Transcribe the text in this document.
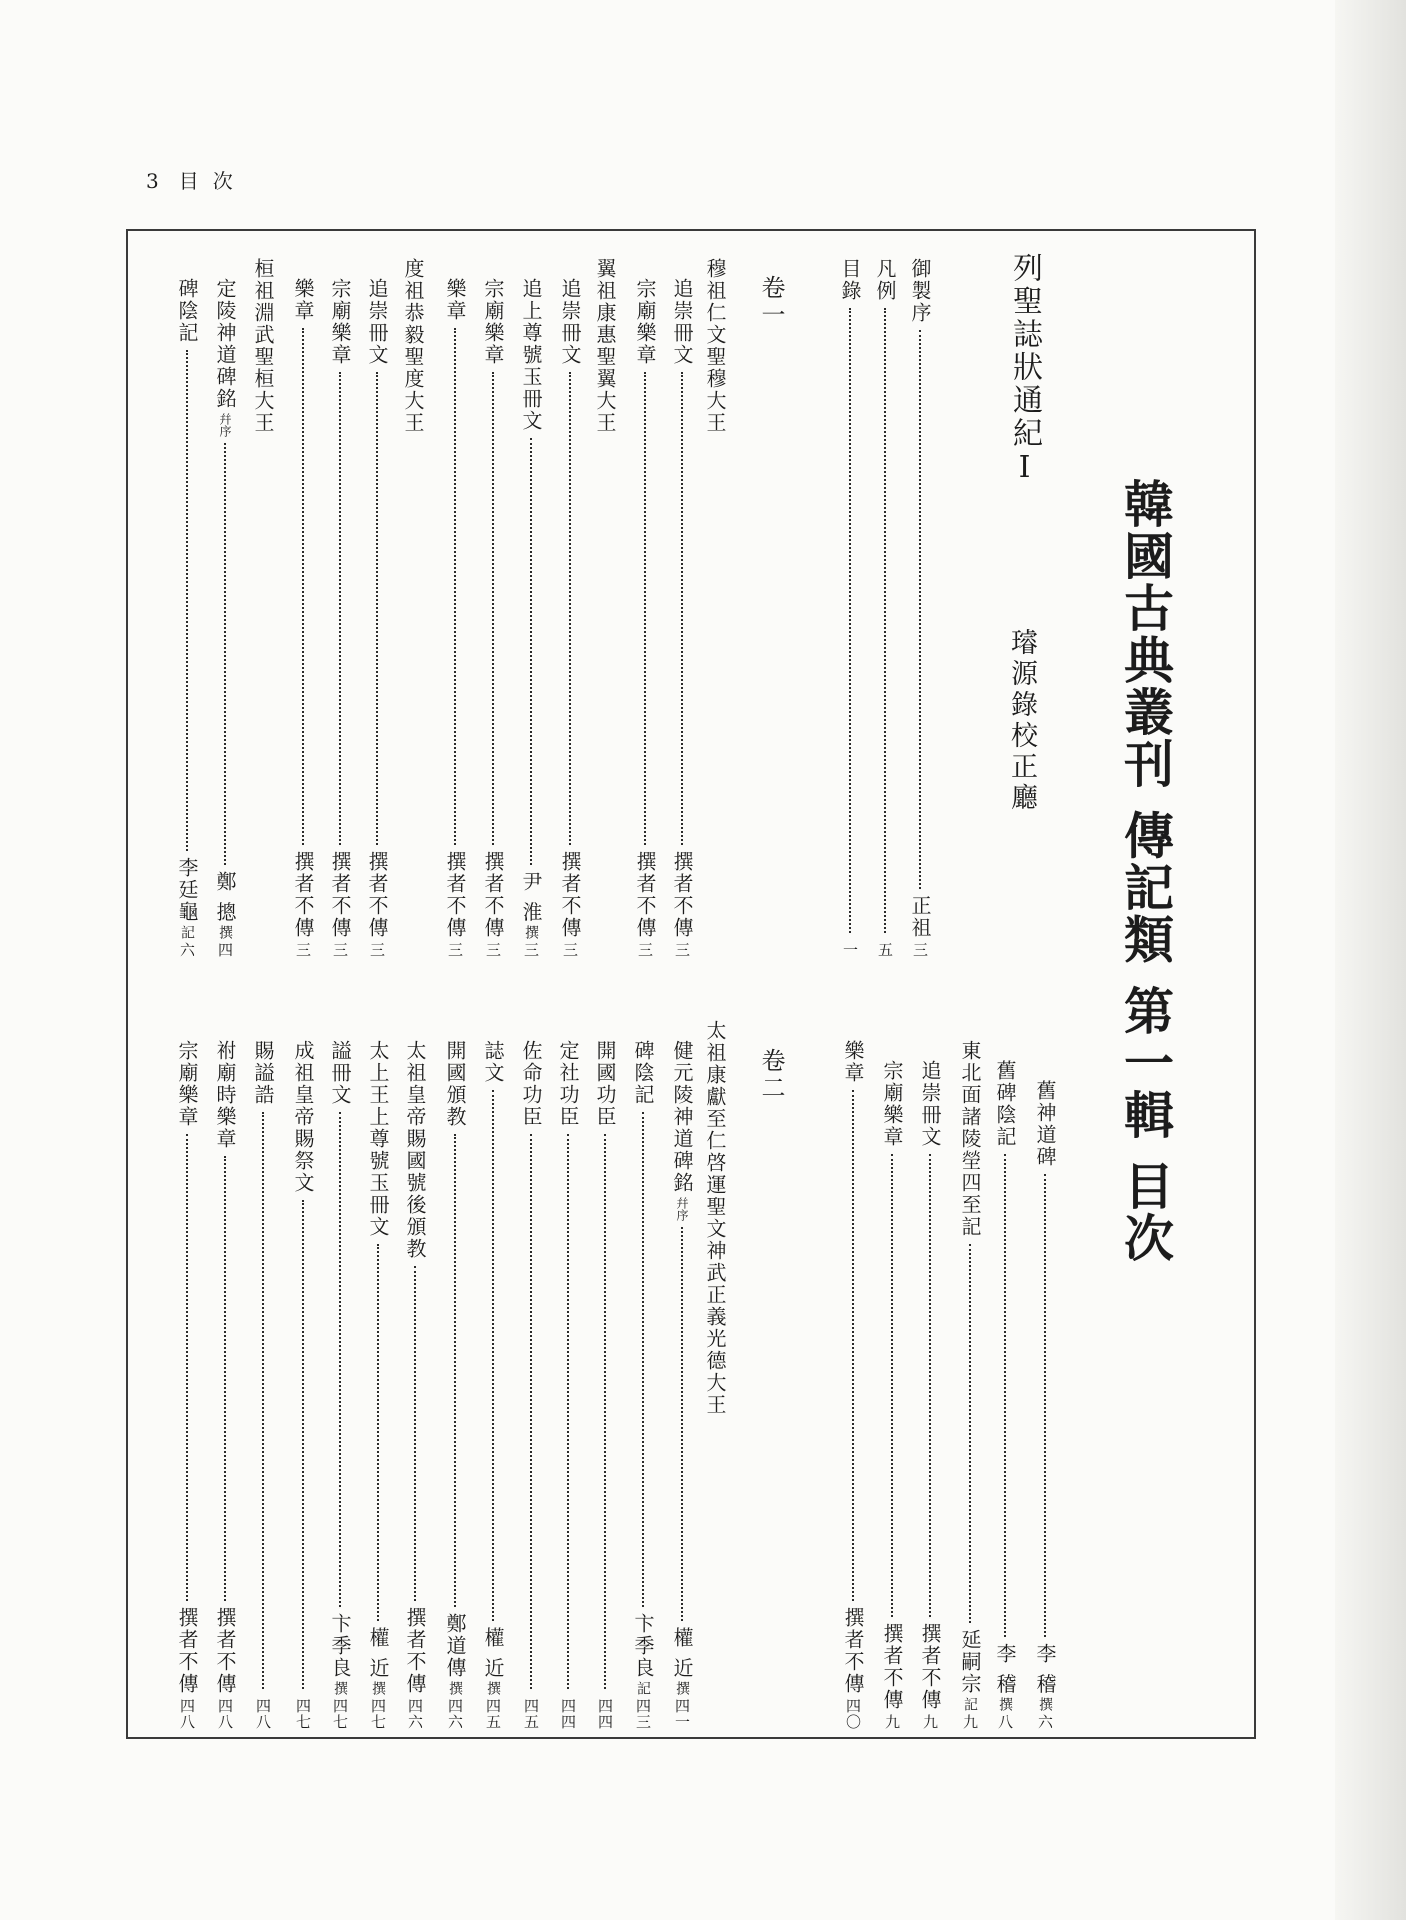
3 目次
韓國古典叢刊 傳記類 第一輯 目次
列聖誌狀通紀Ⅰ
璿源錄校正廳
卷一
卷二
御製序
正祖
三
凡例
五
目錄
一
穆祖仁文聖穆大王
追崇冊文
撰者不傳
三
宗廟樂章
撰者不傳
三
翼祖康惠聖翼大王
追崇冊文
撰者不傳
三
追上尊號玉冊文
尹 淮
撰
三
宗廟樂章
撰者不傳
三
樂章
撰者不傳
三
度祖恭毅聖度大王
追崇冊文
撰者不傳
三
宗廟樂章
撰者不傳
三
樂章
撰者不傳
三
桓祖淵武聖桓大王
定陵神道碑銘
幷序
鄭 摠
撰
四
碑陰記
李廷龜
記
六
舊神道碑
李 稽
撰
六
舊碑陰記
李 稽
撰
八
東北面諸陵塋四至記
延嗣宗
記
九
追崇冊文
撰者不傳
九
宗廟樂章
撰者不傳
九
樂章
撰者不傳
四〇
太祖康獻至仁啓運聖文神武正義光德大王
健元陵神道碑銘
幷序
權 近
撰
四一
碑陰記
卞季良
記
四三
開國功臣
四四
定社功臣
四四
佐命功臣
四五
誌文
權 近
撰
四五
開國頒教
鄭道傳
撰
四六
太祖皇帝賜國號後頒教
撰者不傳
四六
太上王上尊號玉冊文
權 近
撰
四七
謚冊文
卞季良
撰
四七
成祖皇帝賜祭文
四七
賜謚誥
四八
祔廟時樂章
撰者不傳
四八
宗廟樂章
撰者不傳
四八
